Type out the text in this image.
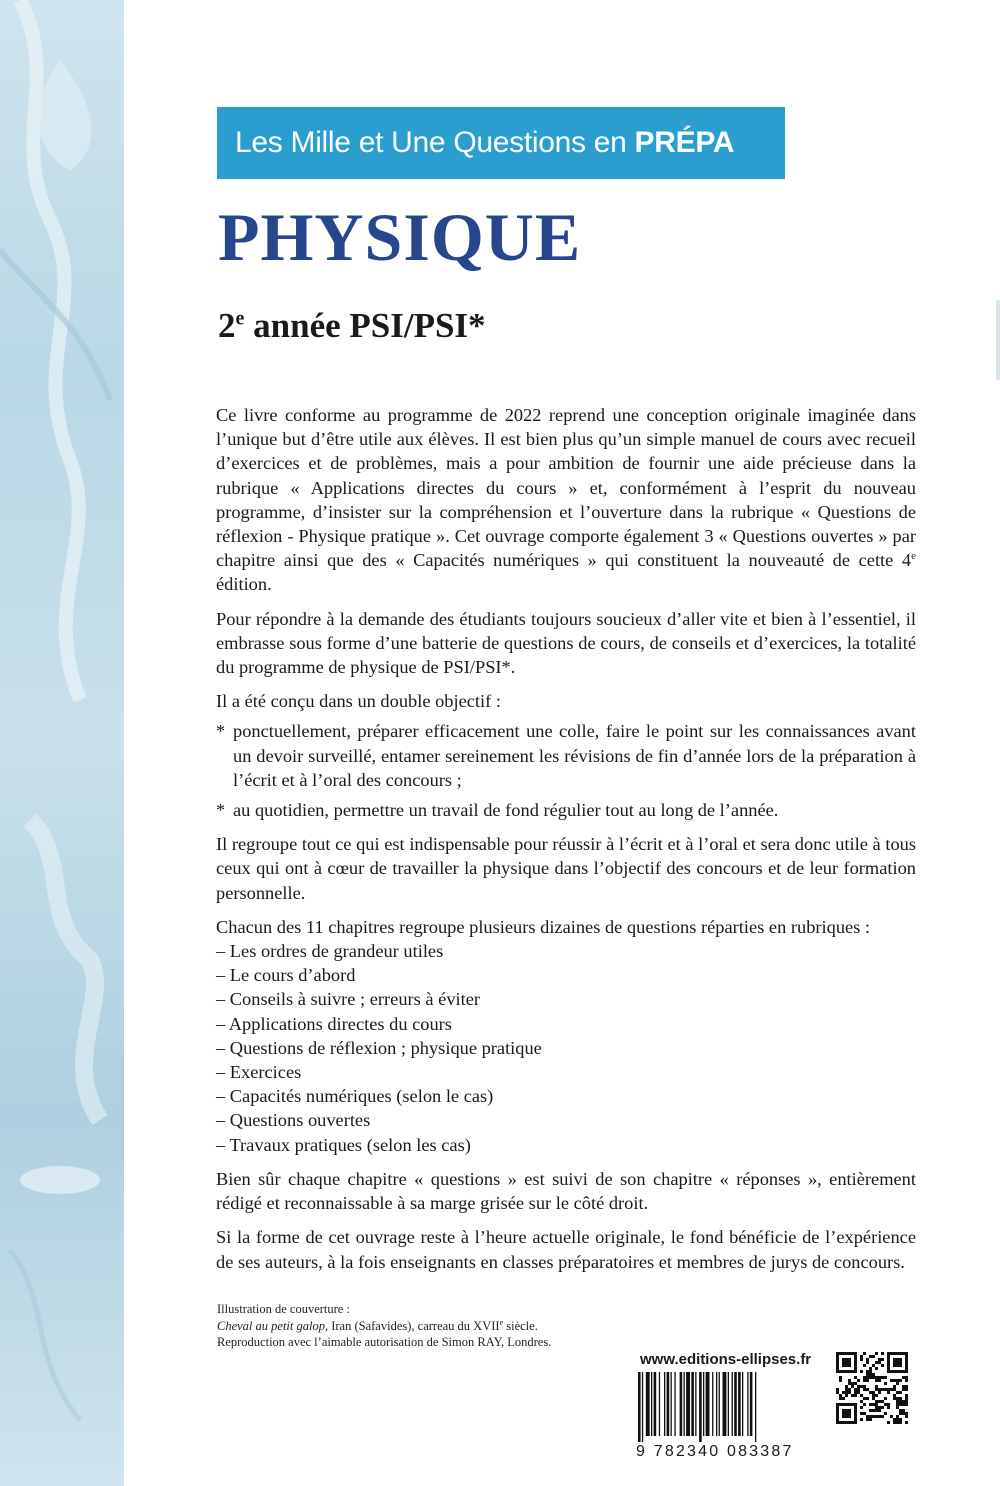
Les Mille et Une Questions en PRÉPA
PHYSIQUE
2e année PSI/PSI*

Ce livre conforme au programme de 2022 reprend une conception originale imaginée dans l’unique but d’être utile aux élèves. Il est bien plus qu’un simple manuel de cours avec recueil d’exercices et de problèmes, mais a pour ambition de fournir une aide précieuse dans la rubrique « Applications directes du cours » et, conformément à l’esprit du nouveau programme, d’insister sur la compréhension et l’ouverture dans la rubrique « Questions de réflexion - Physique pratique ». Cet ouvrage comporte également 3 « Questions ouvertes » par chapitre ainsi que des « Capacités numériques » qui constituent la nouveauté de cette 4e édition.

Pour répondre à la demande des étudiants toujours soucieux d’aller vite et bien à l’essentiel, il embrasse sous forme d’une batterie de questions de cours, de conseils et d’exercices, la totalité du programme de physique de PSI/PSI*.

Il a été conçu dans un double objectif :

* ponctuellement, préparer efficacement une colle, faire le point sur les connaissances avant un devoir surveillé, entamer sereinement les révisions de fin d’année lors de la préparation à l’écrit et à l’oral des concours ;
* au quotidien, permettre un travail de fond régulier tout au long de l’année.

Il regroupe tout ce qui est indispensable pour réussir à l’écrit et à l’oral et sera donc utile à tous ceux qui ont à cœur de travailler la physique dans l’objectif des concours et de leur formation personnelle.

Chacun des 11 chapitres regroupe plusieurs dizaines de questions réparties en rubriques :

– Les ordres de grandeur utiles
– Le cours d’abord
– Conseils à suivre ; erreurs à éviter
– Applications directes du cours
– Questions de réflexion ; physique pratique
– Exercices
– Capacités numériques (selon le cas)
– Questions ouvertes
– Travaux pratiques (selon les cas)

Bien sûr chaque chapitre « questions » est suivi de son chapitre « réponses », entièrement rédigé et reconnaissable à sa marge grisée sur le côté droit.

Si la forme de cet ouvrage reste à l’heure actuelle originale, le fond bénéficie de l’expérience de ses auteurs, à la fois enseignants en classes préparatoires et membres de jurys de concours.

Illustration de couverture :
Cheval au petit galop, Iran (Safavides), carreau du XVIIe siècle.
Reproduction avec l’aimable autorisation de Simon RAY, Londres.
www.editions-ellipses.fr
9 782340 083387
